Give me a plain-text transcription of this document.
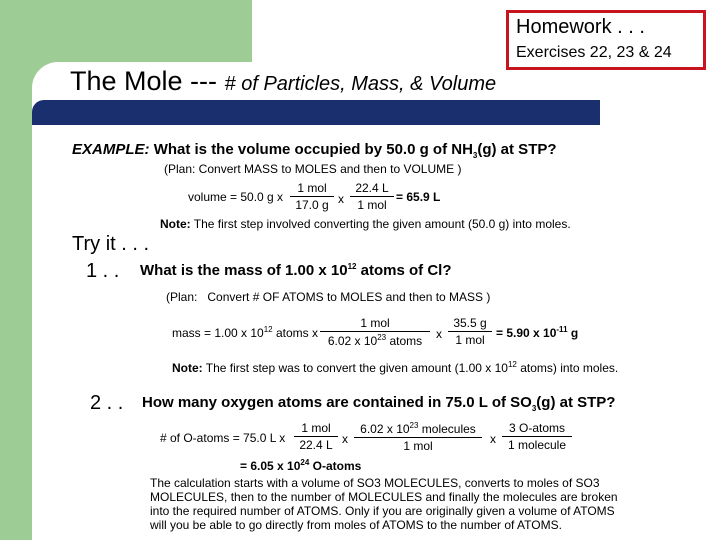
Homework . . .
Exercises 22, 23 & 24
The Mole --- # of Particles, Mass, & Volume
EXAMPLE: What is the volume occupied by 50.0 g of $NH_3(g)$ at STP?
(Plan: Convert MASS to MOLES and then to VOLUME )
volume = 50.0 g x
1 mol
17.0 g x
22.4 L
1 mol
= 65.9 L
Note: The first step involved converting the given amount (50.0 g) into moles.
Try it . . .
1 . . What is the mass of 1.00 x $10^{12}$ atoms of Cl?
(Plan: Convert # OF ATOMS to MOLES and then to MASS )
mass = 1.00 x $10^{12}$ atoms x
1 mol
6.02 x $10^{23}$ atoms	x
35.5 g
1 mol = 5.90 x $10^{-11}$ g
Note: The first step was to convert the given amount (1.00 x $10^{12}$ atoms) into moles.
2 . . How many oxygen atoms are contained in 75.0 L of $SO_3(g)$ at STP?
# of O-atoms = 75.0 L x
1 mol
22.4 L x
6.02 x $10^{23}$ molecules
1 mol	x
3 O-atoms
1 molecule
= 6.05 x $10^{24}$ O-atoms
The calculation starts with a volume of SO3 MOLECULES, converts to moles of SO3
MOLECULES, then to the number of MOLECULES and finally the molecules are broken
into the required number of ATOMS. Only if you are originally given a volume of ATOMS
will you be able to go directly from moles of ATOMS to the number of ATOMS.
